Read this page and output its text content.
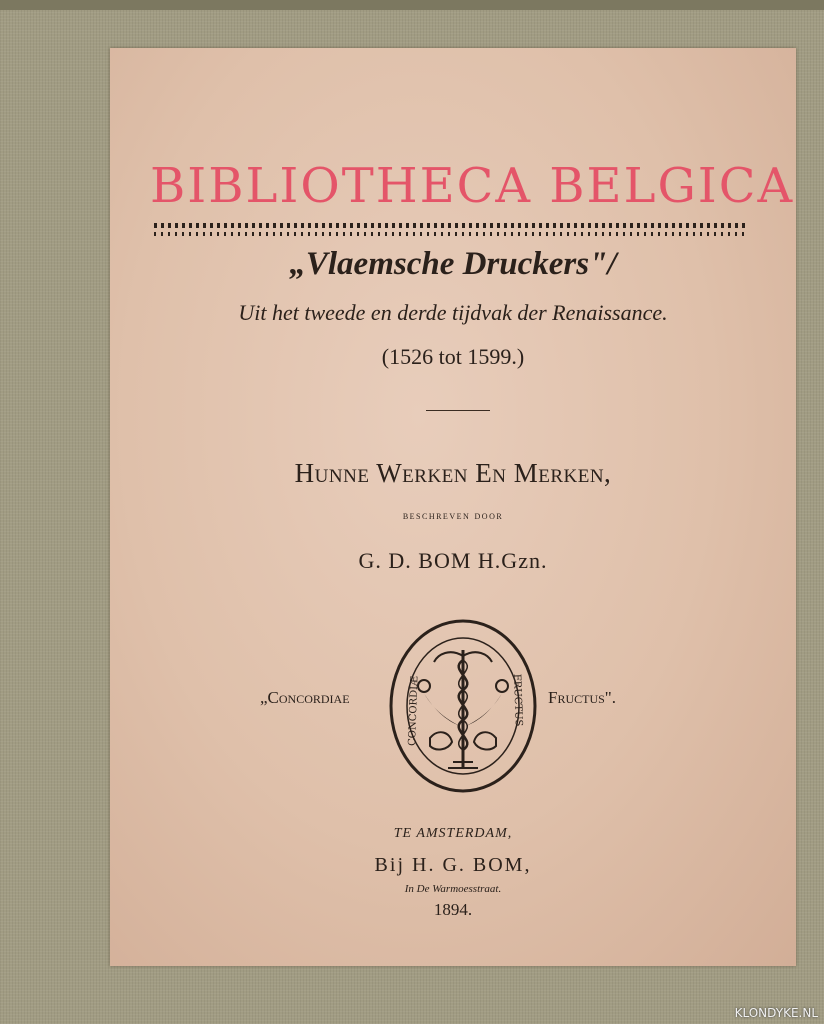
BIBLIOTHECA BELGICA
„Vlaemsche Druckers"/
Uit het tweede en derde tijdvak der Renaissance.
(1526 tot 1599.)
Hunne Werken En Merken,
beschreven door
G. D. BOM H.Gzn.
„Concordiae	Fructus".
CONCORDIÆ	FRUCTUS
TE AMSTERDAM,
Bij H. G. BOM,
In De Warmoesstraat.
1894.
KLONDYKE.NL
